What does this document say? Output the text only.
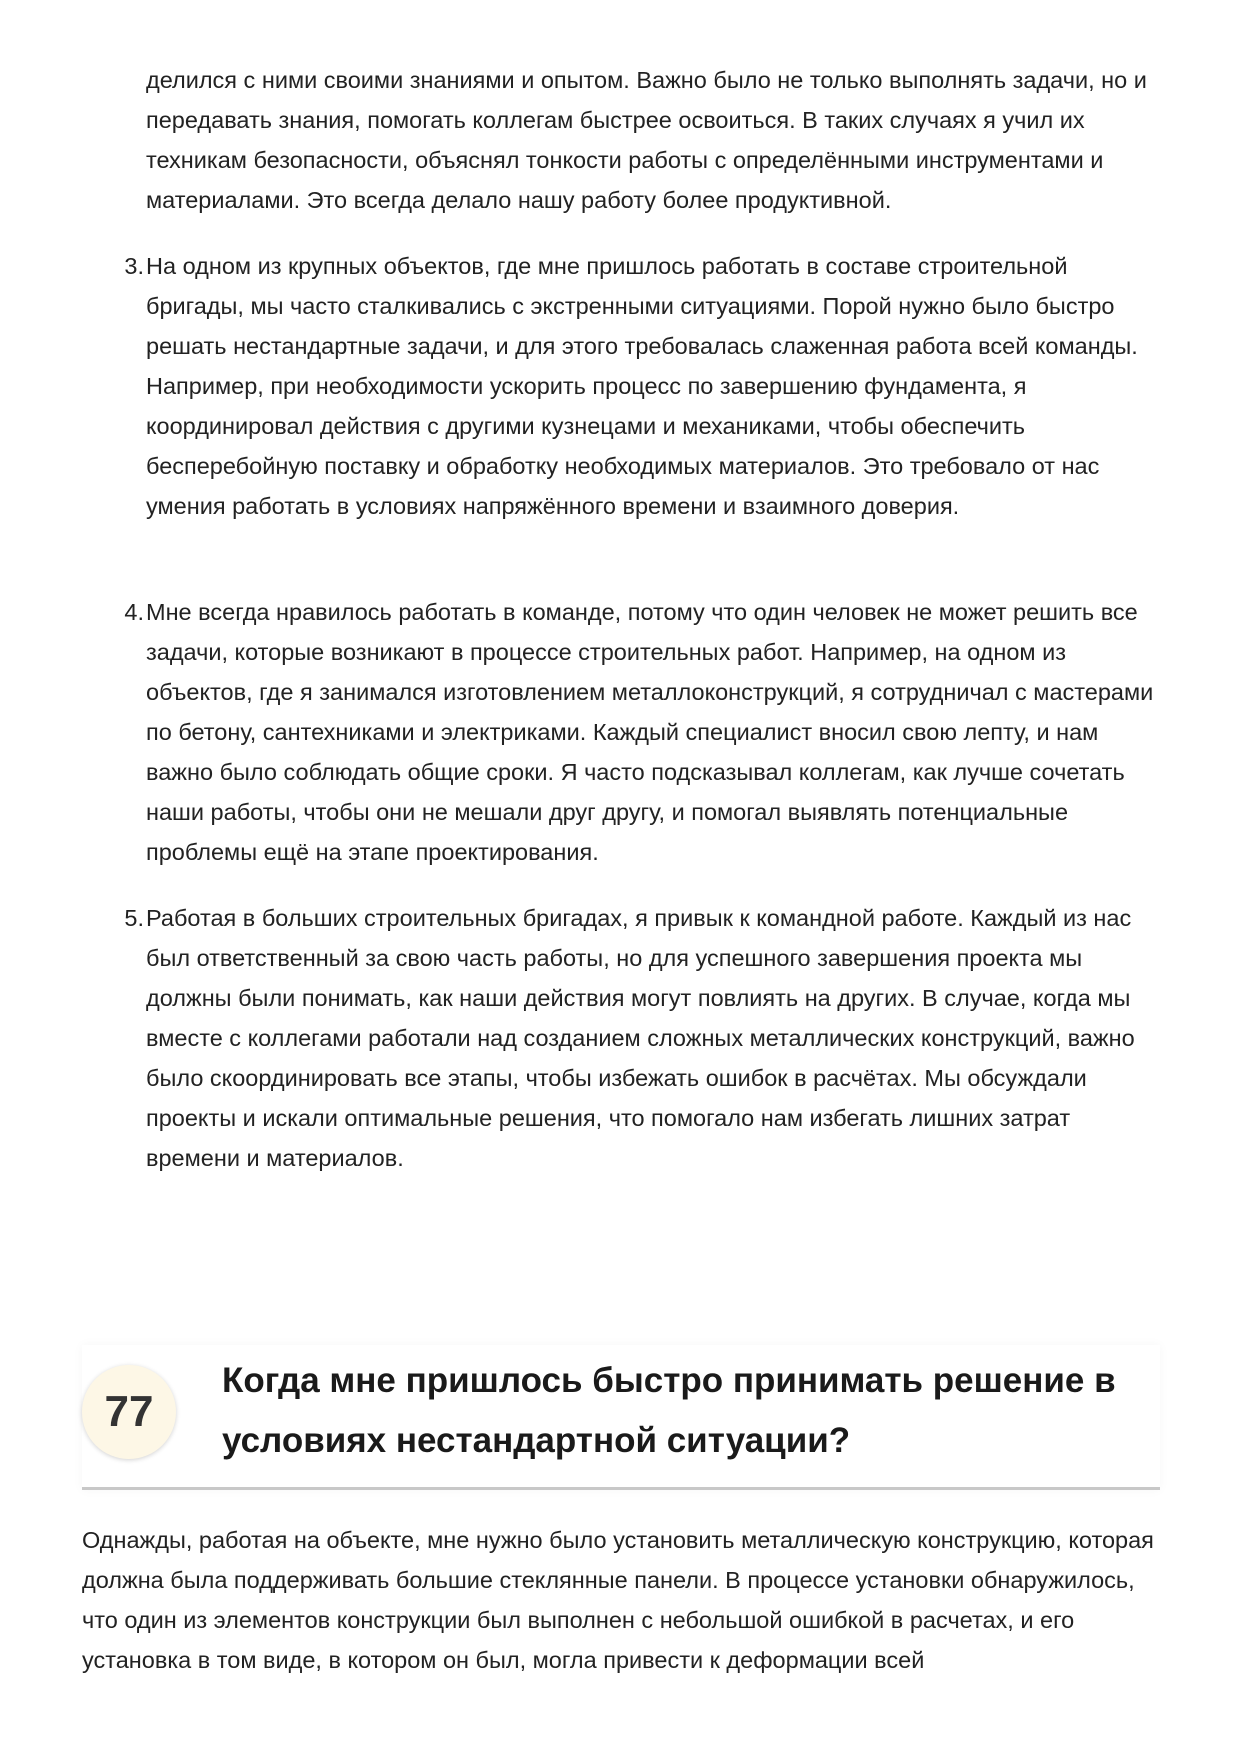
делился с ними своими знаниями и опытом. Важно было не только выполнять задачи, но и передавать знания, помогать коллегам быстрее освоиться. В таких случаях я учил их техникам безопасности, объяснял тонкости работы с определёнными инструментами и материалами. Это всегда делало нашу работу более продуктивной.

3. На одном из крупных объектов, где мне пришлось работать в составе строительной бригады, мы часто сталкивались с экстренными ситуациями. Порой нужно было быстро решать нестандартные задачи, и для этого требовалась слаженная работа всей команды. Например, при необходимости ускорить процесс по завершению фундамента, я координировал действия с другими кузнецами и механиками, чтобы обеспечить бесперебойную поставку и обработку необходимых материалов. Это требовало от нас умения работать в условиях напряжённого времени и взаимного доверия.
4. Мне всегда нравилось работать в команде, потому что один человек не может решить все задачи, которые возникают в процессе строительных работ. Например, на одном из объектов, где я занимался изготовлением металлоконструкций, я сотрудничал с мастерами по бетону, сантехниками и электриками. Каждый специалист вносил свою лепту, и нам важно было соблюдать общие сроки. Я часто подсказывал коллегам, как лучше сочетать наши работы, чтобы они не мешали друг другу, и помогал выявлять потенциальные проблемы ещё на этапе проектирования.
5. Работая в больших строительных бригадах, я привык к командной работе. Каждый из нас был ответственный за свою часть работы, но для успешного завершения проекта мы должны были понимать, как наши действия могут повлиять на других. В случае, когда мы вместе с коллегами работали над созданием сложных металлических конструкций, важно было скоординировать все этапы, чтобы избежать ошибок в расчётах. Мы обсуждали проекты и искали оптимальные решения, что помогало нам избегать лишних затрат времени и материалов.
77
Когда мне пришлось быстро принимать решение в условиях нестандартной ситуации?

Однажды, работая на объекте, мне нужно было установить металлическую конструкцию, которая должна была поддерживать большие стеклянные панели. В процессе установки обнаружилось, что один из элементов конструкции был выполнен с небольшой ошибкой в расчетах, и его установка в том виде, в котором он был, могла привести к деформации всей
